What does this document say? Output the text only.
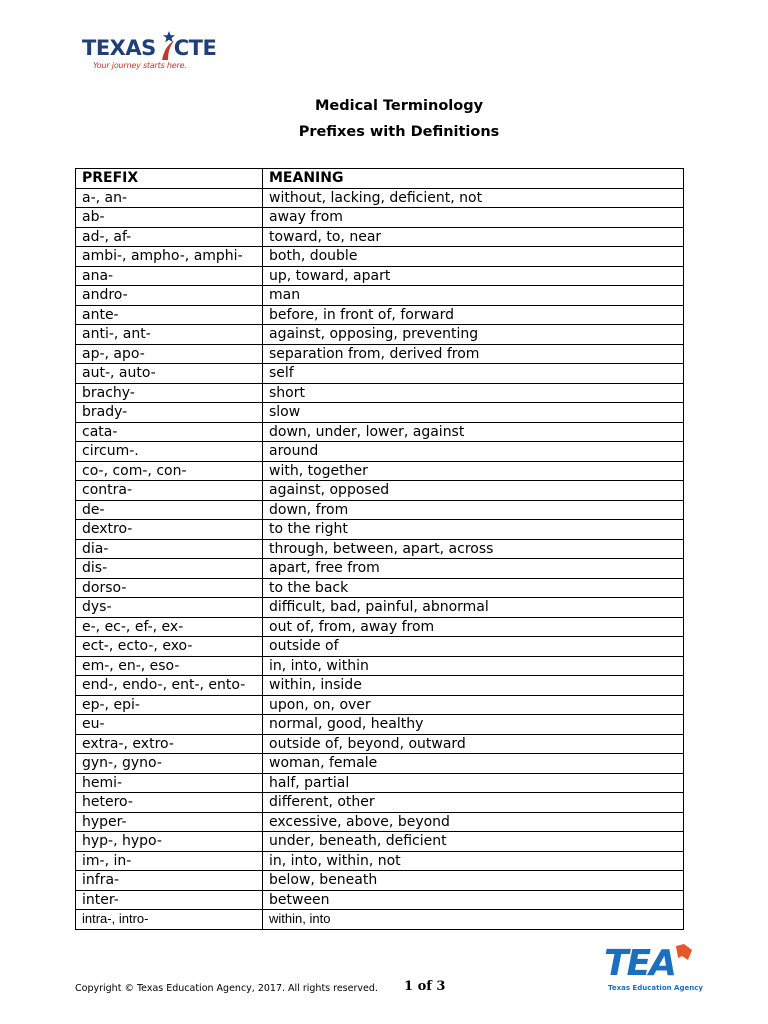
TEXAS CTE
Your journey starts here.
Medical Terminology
Prefixes with Definitions
PREFIX	MEANING
a-, an-	without, lacking, deficient, not
ab-	away from
ad-, af-	toward, to, near
ambi-, ampho-, amphi-	both, double
ana-	up, toward, apart
andro-	man
ante-	before, in front of, forward
anti-, ant-	against, opposing, preventing
ap-, apo-	separation from, derived from
aut-, auto-	self
brachy-	short
brady-	slow
cata-	down, under, lower, against
circum-.	around
co-, com-, con-	with, together
contra-	against, opposed
de-	down, from
dextro-	to the right
dia-	through, between, apart, across
dis-	apart, free from
dorso-	to the back
dys-	difficult, bad, painful, abnormal
e-, ec-, ef-, ex-	out of, from, away from
ect-, ecto-, exo-	outside of
em-, en-, eso-	in, into, within
end-, endo-, ent-, ento-	within, inside
ep-, epi-	upon, on, over
eu-	normal, good, healthy
extra-, extro-	outside of, beyond, outward
gyn-, gyno-	woman, female
hemi-	half, partial
hetero-	different, other
hyper-	excessive, above, beyond
hyp-, hypo-	under, beneath, deficient
im-, in-	in, into, within, not
infra-	below, beneath
inter-	between
intra-, intro-	within, into
Copyright © Texas Education Agency, 2017. All rights reserved. 1 of 3
TEA
Texas Education Agency
